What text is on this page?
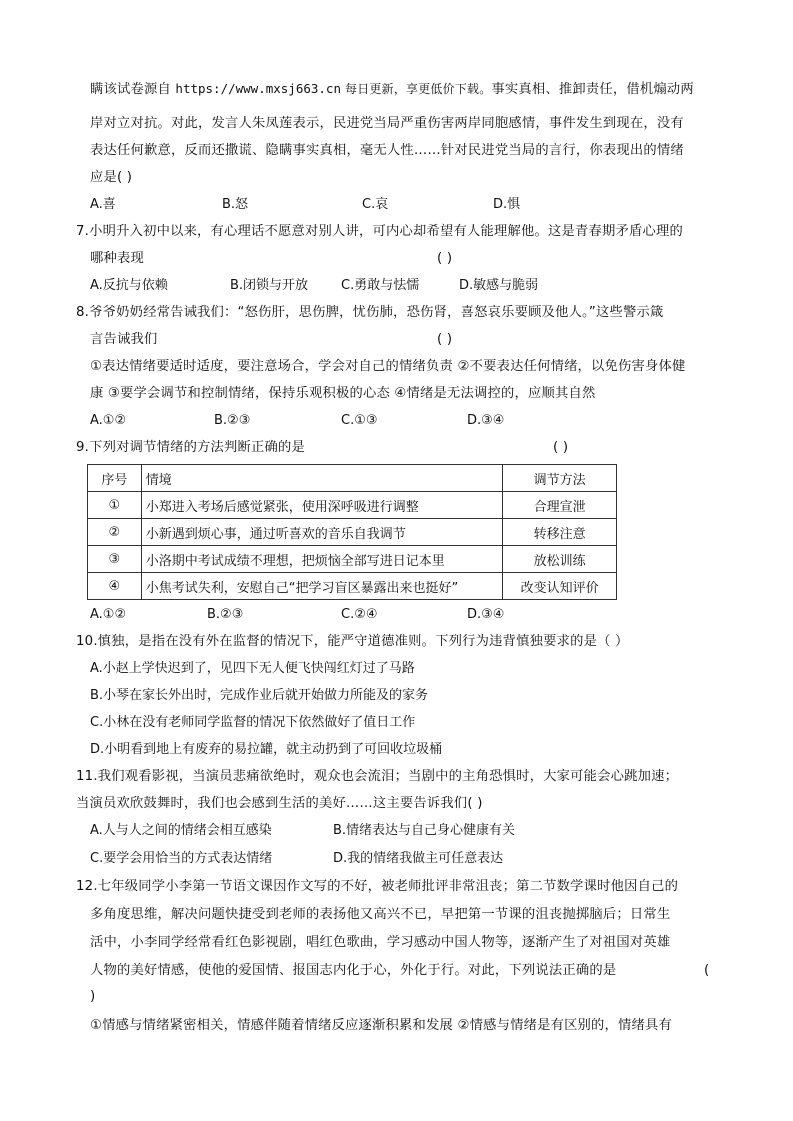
瞒该试卷源自 https://www.mxsj663.cn 每日更新，享更低价下载。事实真相、推卸责任，借机煽动两
岸对立对抗。对此，发言人朱凤莲表示，民进党当局严重伤害两岸同胞感情，事件发生到现在，没有
表达任何歉意，反而还撒谎、隐瞒事实真相，毫无人性……针对民进党当局的言行，你表现出的情绪
应是( )
A.喜	B.怒	C.哀	D.惧
7.小明升入初中以来，有心理话不愿意对别人讲，可内心却希望有人能理解他。这是青春期矛盾心理的
哪种表现	( )
A.反抗与依赖	B.闭锁与开放	C.勇敢与怯懦	D.敏感与脆弱
8.爷爷奶奶经常告诫我们：“怒伤肝，思伤脾，忧伤肺，恐伤肾，喜怒哀乐要顾及他人。”这些警示箴
言告诫我们	( )
①表达情绪要适时适度，要注意场合，学会对自己的情绪负责 ②不要表达任何情绪，以免伤害身体健
康 ③要学会调节和控制情绪，保持乐观积极的心态 ④情绪是无法调控的，应顺其自然
A.①②	B.②③	C.①③	D.③④
9.下列对调节情绪的方法判断正确的是	( )
序号	情境	调节方法
①	小郑进入考场后感觉紧张，使用深呼吸进行调整	合理宣泄
②	小新遇到烦心事，通过听喜欢的音乐自我调节	转移注意
③	小洛期中考试成绩不理想，把烦恼全部写进日记本里	放松训练
④	小焦考试失利，安慰自己“把学习盲区暴露出来也挺好”	改变认知评价
A.①②	B.②③	C.②④	D.③④
10.慎独，是指在没有外在监督的情况下，能严守道德准则。下列行为违背慎独要求的是（ ）
A.小赵上学快迟到了，见四下无人便飞快闯红灯过了马路
B.小琴在家长外出时，完成作业后就开始做力所能及的家务
C.小林在没有老师同学监督的情况下依然做好了值日工作
D.小明看到地上有废弃的易拉罐，就主动扔到了可回收垃圾桶
11.我们观看影视，当演员悲痛欲绝时，观众也会流泪；当剧中的主角恐惧时，大家可能会心跳加速；
当演员欢欣鼓舞时，我们也会感到生活的美好……这主要告诉我们( )
A.人与人之间的情绪会相互感染	B.情绪表达与自己身心健康有关
C.要学会用恰当的方式表达情绪	D.我的情绪我做主可任意表达
12.七年级同学小李第一节语文课因作文写的不好，被老师批评非常沮丧；第二节数学课时他因自己的
多角度思维，解决问题快捷受到老师的表扬他又高兴不已，早把第一节课的沮丧抛掷脑后；日常生
活中，小李同学经常看红色影视剧，唱红色歌曲，学习感动中国人物等，逐渐产生了对祖国对英雄
人物的美好情感，使他的爱国情、报国志内化于心，外化于行。对此，下列说法正确的是	(
)
①情感与情绪紧密相关，情感伴随着情绪反应逐渐积累和发展 ②情感与情绪是有区别的，情绪具有
